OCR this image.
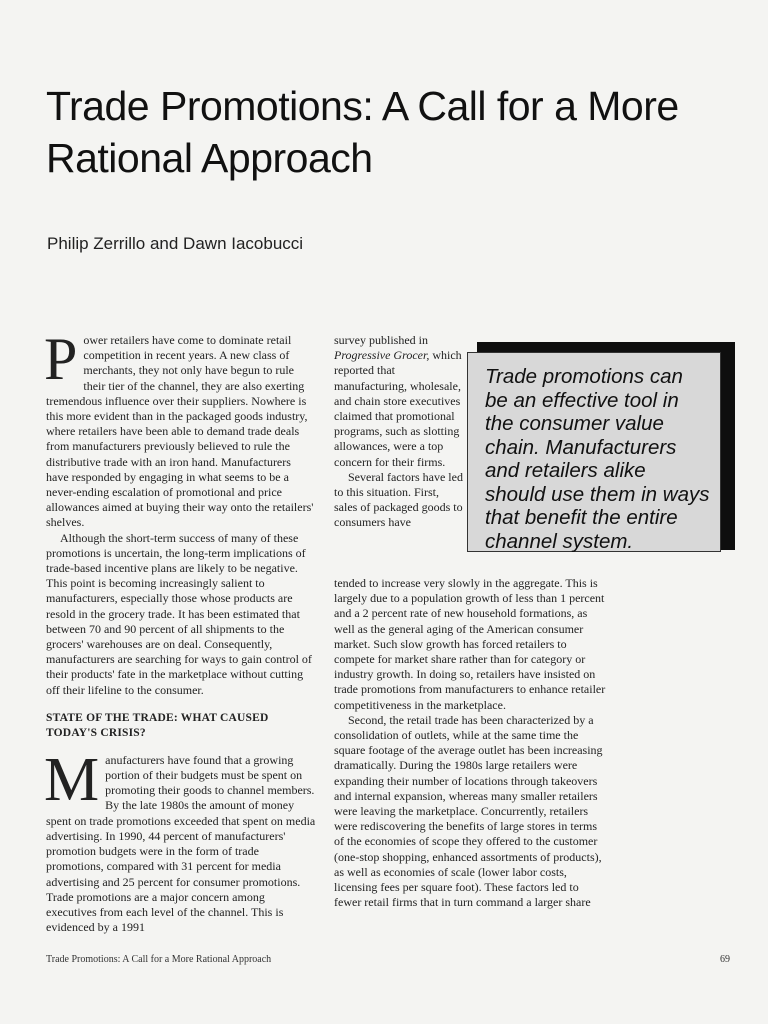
Trade Promotions: A Call for a More Rational Approach
Philip Zerrillo and Dawn Iacobucci

Power retailers have come to dominate retail competition in recent years. A new class of merchants, they not only have begun to rule their tier of the channel, they are also exerting tremendous influence over their suppliers. Nowhere is this more evident than in the packaged goods industry, where retailers have been able to demand trade deals from manufacturers previously believed to rule the distributive trade with an iron hand. Manufacturers have responded by engaging in what seems to be a never-ending escalation of promotional and price allowances aimed at buying their way onto the retailers' shelves.

Although the short-term success of many of these promotions is uncertain, the long-term implications of trade-based incentive plans are likely to be negative. This point is becoming increasingly salient to manufacturers, especially those whose products are resold in the grocery trade. It has been estimated that between 70 and 90 percent of all shipments to the grocers' warehouses are on deal. Consequently, manufacturers are searching for ways to gain control of their products' fate in the marketplace without cutting off their lifeline to the consumer.

STATE OF THE TRADE: WHAT CAUSED TODAY'S CRISIS?

Manufacturers have found that a growing portion of their budgets must be spent on promoting their goods to channel members. By the late 1980s the amount of money spent on trade promotions exceeded that spent on media advertising. In 1990, 44 percent of manufacturers' promotion budgets were in the form of trade promotions, compared with 31 percent for media advertising and 25 percent for consumer promotions. Trade promotions are a major concern among executives from each level of the channel. This is evidenced by a 1991

survey published in Progressive Grocer, which reported that manufacturing, wholesale, and chain store executives claimed that promotional programs, such as slotting allowances, were a top concern for their firms.

Several factors have led to this situation. First, sales of packaged goods to consumers have

Trade promotions can be an effective tool in the consumer value chain. Manufacturers and retailers alike should use them in ways that benefit the entire channel system.

tended to increase very slowly in the aggregate. This is largely due to a population growth of less than 1 percent and a 2 percent rate of new household formations, as well as the general aging of the American consumer market. Such slow growth has forced retailers to compete for market share rather than for category or industry growth. In doing so, retailers have insisted on trade promotions from manufacturers to enhance retailer competitiveness in the marketplace.

Second, the retail trade has been characterized by a consolidation of outlets, while at the same time the square footage of the average outlet has been increasing dramatically. During the 1980s large retailers were expanding their number of locations through takeovers and internal expansion, whereas many smaller retailers were leaving the marketplace. Concurrently, retailers were rediscovering the benefits of large stores in terms of the economies of scope they offered to the customer (one-stop shopping, enhanced assortments of products), as well as economies of scale (lower labor costs, licensing fees per square foot). These factors led to fewer retail firms that in turn command a larger share

Trade Promotions: A Call for a More Rational Approach	69
